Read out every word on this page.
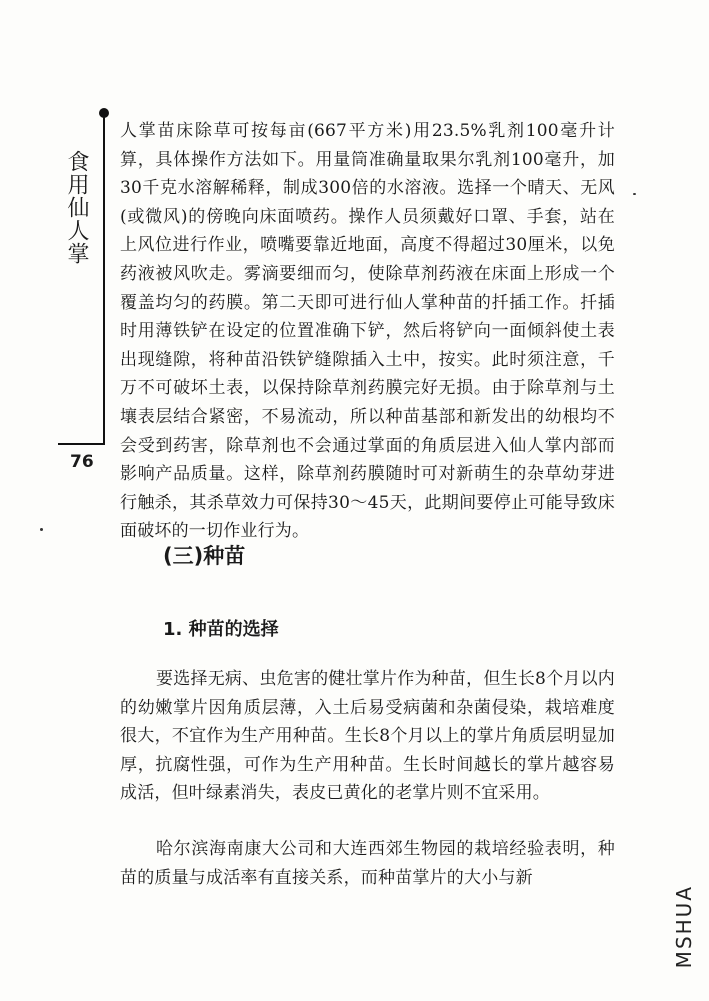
食用仙人掌
76

人掌苗床除草可按每亩(667平方米)用23.5%乳剂100毫升计算，具体操作方法如下。用量筒准确量取果尔乳剂100毫升，加30千克水溶解稀释，制成300倍的水溶液。选择一个晴天、无风(或微风)的傍晚向床面喷药。操作人员须戴好口罩、手套，站在上风位进行作业，喷嘴要靠近地面，高度不得超过30厘米，以免药液被风吹走。雾滴要细而匀，使除草剂药液在床面上形成一个覆盖均匀的药膜。第二天即可进行仙人掌种苗的扦插工作。扦插时用薄铁铲在设定的位置准确下铲，然后将铲向一面倾斜使土表出现缝隙，将种苗沿铁铲缝隙插入土中，按实。此时须注意，千万不可破坏土表，以保持除草剂药膜完好无损。由于除草剂与土壤表层结合紧密，不易流动，所以种苗基部和新发出的幼根均不会受到药害，除草剂也不会通过掌面的角质层进入仙人掌内部而影响产品质量。这样，除草剂药膜随时可对新萌生的杂草幼芽进行触杀，其杀草效力可保持30～45天，此期间要停止可能导致床面破坏的一切作业行为。

(三)种苗
1. 种苗的选择

要选择无病、虫危害的健壮掌片作为种苗，但生长8个月以内的幼嫩掌片因角质层薄，入土后易受病菌和杂菌侵染，栽培难度很大，不宜作为生产用种苗。生长8个月以上的掌片角质层明显加厚，抗腐性强，可作为生产用种苗。生长时间越长的掌片越容易成活，但叶绿素消失，表皮已黄化的老掌片则不宜采用。

哈尔滨海南康大公司和大连西郊生物园的栽培经验表明，种苗的质量与成活率有直接关系，而种苗掌片的大小与新

MSHUA
